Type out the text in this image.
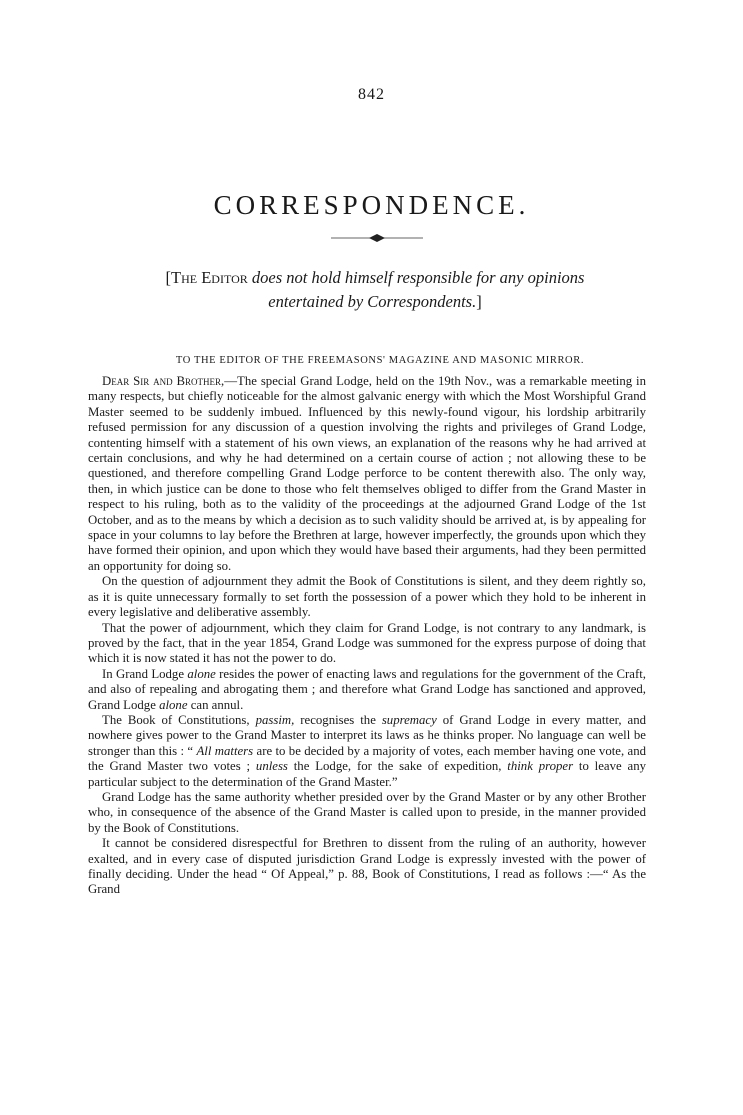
842
CORRESPONDENCE.
[The Editor does not hold himself responsible for any opinions
entertained by Correspondents.]
TO THE EDITOR OF THE FREEMASONS' MAGAZINE AND MASONIC MIRROR.

Dear Sir and Brother,—The special Grand Lodge, held on the 19th Nov., was a remarkable meeting in many respects, but chiefly noticeable for the almost galvanic energy with which the Most Worshipful Grand Master seemed to be suddenly imbued. Influenced by this newly-found vigour, his lordship arbitrarily refused permission for any discussion of a question involving the rights and privileges of Grand Lodge, contenting himself with a statement of his own views, an explanation of the reasons why he had arrived at certain conclusions, and why he had determined on a certain course of action ; not allowing these to be questioned, and therefore compelling Grand Lodge perforce to be content therewith also. The only way, then, in which justice can be done to those who felt themselves obliged to differ from the Grand Master in respect to his ruling, both as to the validity of the proceedings at the adjourned Grand Lodge of the 1st October, and as to the means by which a decision as to such validity should be arrived at, is by appealing for space in your columns to lay before the Brethren at large, however imperfectly, the grounds upon which they have formed their opinion, and upon which they would have based their arguments, had they been permitted an opportunity for doing so.

On the question of adjournment they admit the Book of Constitutions is silent, and they deem rightly so, as it is quite unnecessary formally to set forth the possession of a power which they hold to be inherent in every legislative and deliberative assembly.

That the power of adjournment, which they claim for Grand Lodge, is not contrary to any landmark, is proved by the fact, that in the year 1854, Grand Lodge was summoned for the express purpose of doing that which it is now stated it has not the power to do.

In Grand Lodge alone resides the power of enacting laws and regulations for the government of the Craft, and also of repealing and abrogating them ; and therefore what Grand Lodge has sanctioned and approved, Grand Lodge alone can annul.

The Book of Constitutions, passim, recognises the supremacy of Grand Lodge in every matter, and nowhere gives power to the Grand Master to interpret its laws as he thinks proper. No language can well be stronger than this : “ All matters are to be decided by a majority of votes, each member having one vote, and the Grand Master two votes ; unless the Lodge, for the sake of expedition, think proper to leave any particular subject to the determination of the Grand Master.”

Grand Lodge has the same authority whether presided over by the Grand Master or by any other Brother who, in consequence of the absence of the Grand Master is called upon to preside, in the manner provided by the Book of Constitutions.

It cannot be considered disrespectful for Brethren to dissent from the ruling of an authority, however exalted, and in every case of disputed jurisdiction Grand Lodge is expressly invested with the power of finally deciding. Under the head “ Of Appeal,” p. 88, Book of Constitutions, I read as follows :—“ As the Grand
